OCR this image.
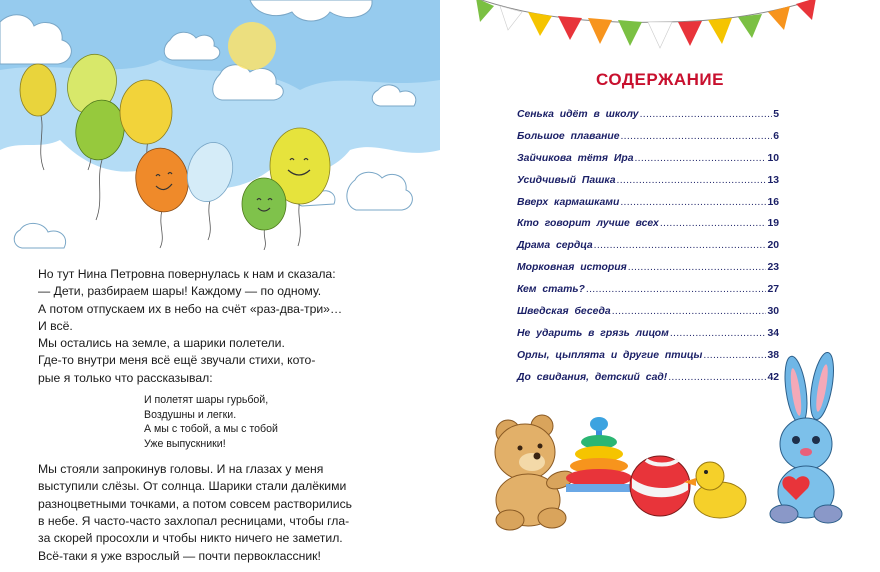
Но тут Нина Петровна повернулась к нам и сказала:

— Дети, разбираем шары! Каждому — по одному.

А потом отпускаем их в небо на счёт «раз-два-три»…

И всё.

Мы остались на земле, а шарики полетели.

Где-то внутри меня всё ещё звучали стихи, кото-

рые я только что рассказывал:

И полетят шары гурьбой,
Воздушны и легки.
А мы с тобой, а мы с тобой
Уже выпускники!

Мы стояли запрокинув головы. И на глазах у меня

выступили слёзы. От солнца. Шарики стали далёкими

разноцветными точками, а потом совсем растворились

в небе. Я часто-часто захлопал ресницами, чтобы гла-

за скорей просохли и чтобы никто ничего не заметил.

Всё-таки я уже взрослый — почти первоклассник!

СОДЕРЖАНИЕ
Сенька идёт в школу .....	5
Большое плавание .....	6
Зайчикова тётя Ира .....	10
Усидчивый Пашка .....	13
Вверх кармашками .....	16
Кто говорит лучше всех .....	19
Драма сердца .....	20
Морковная история .....	23
Кем стать? .....	27
Шведская беседа .....	30
Не ударить в грязь лицом .....	34
Орлы, цыплята и другие птицы .....	38
До свидания, детский сад! .....	42
